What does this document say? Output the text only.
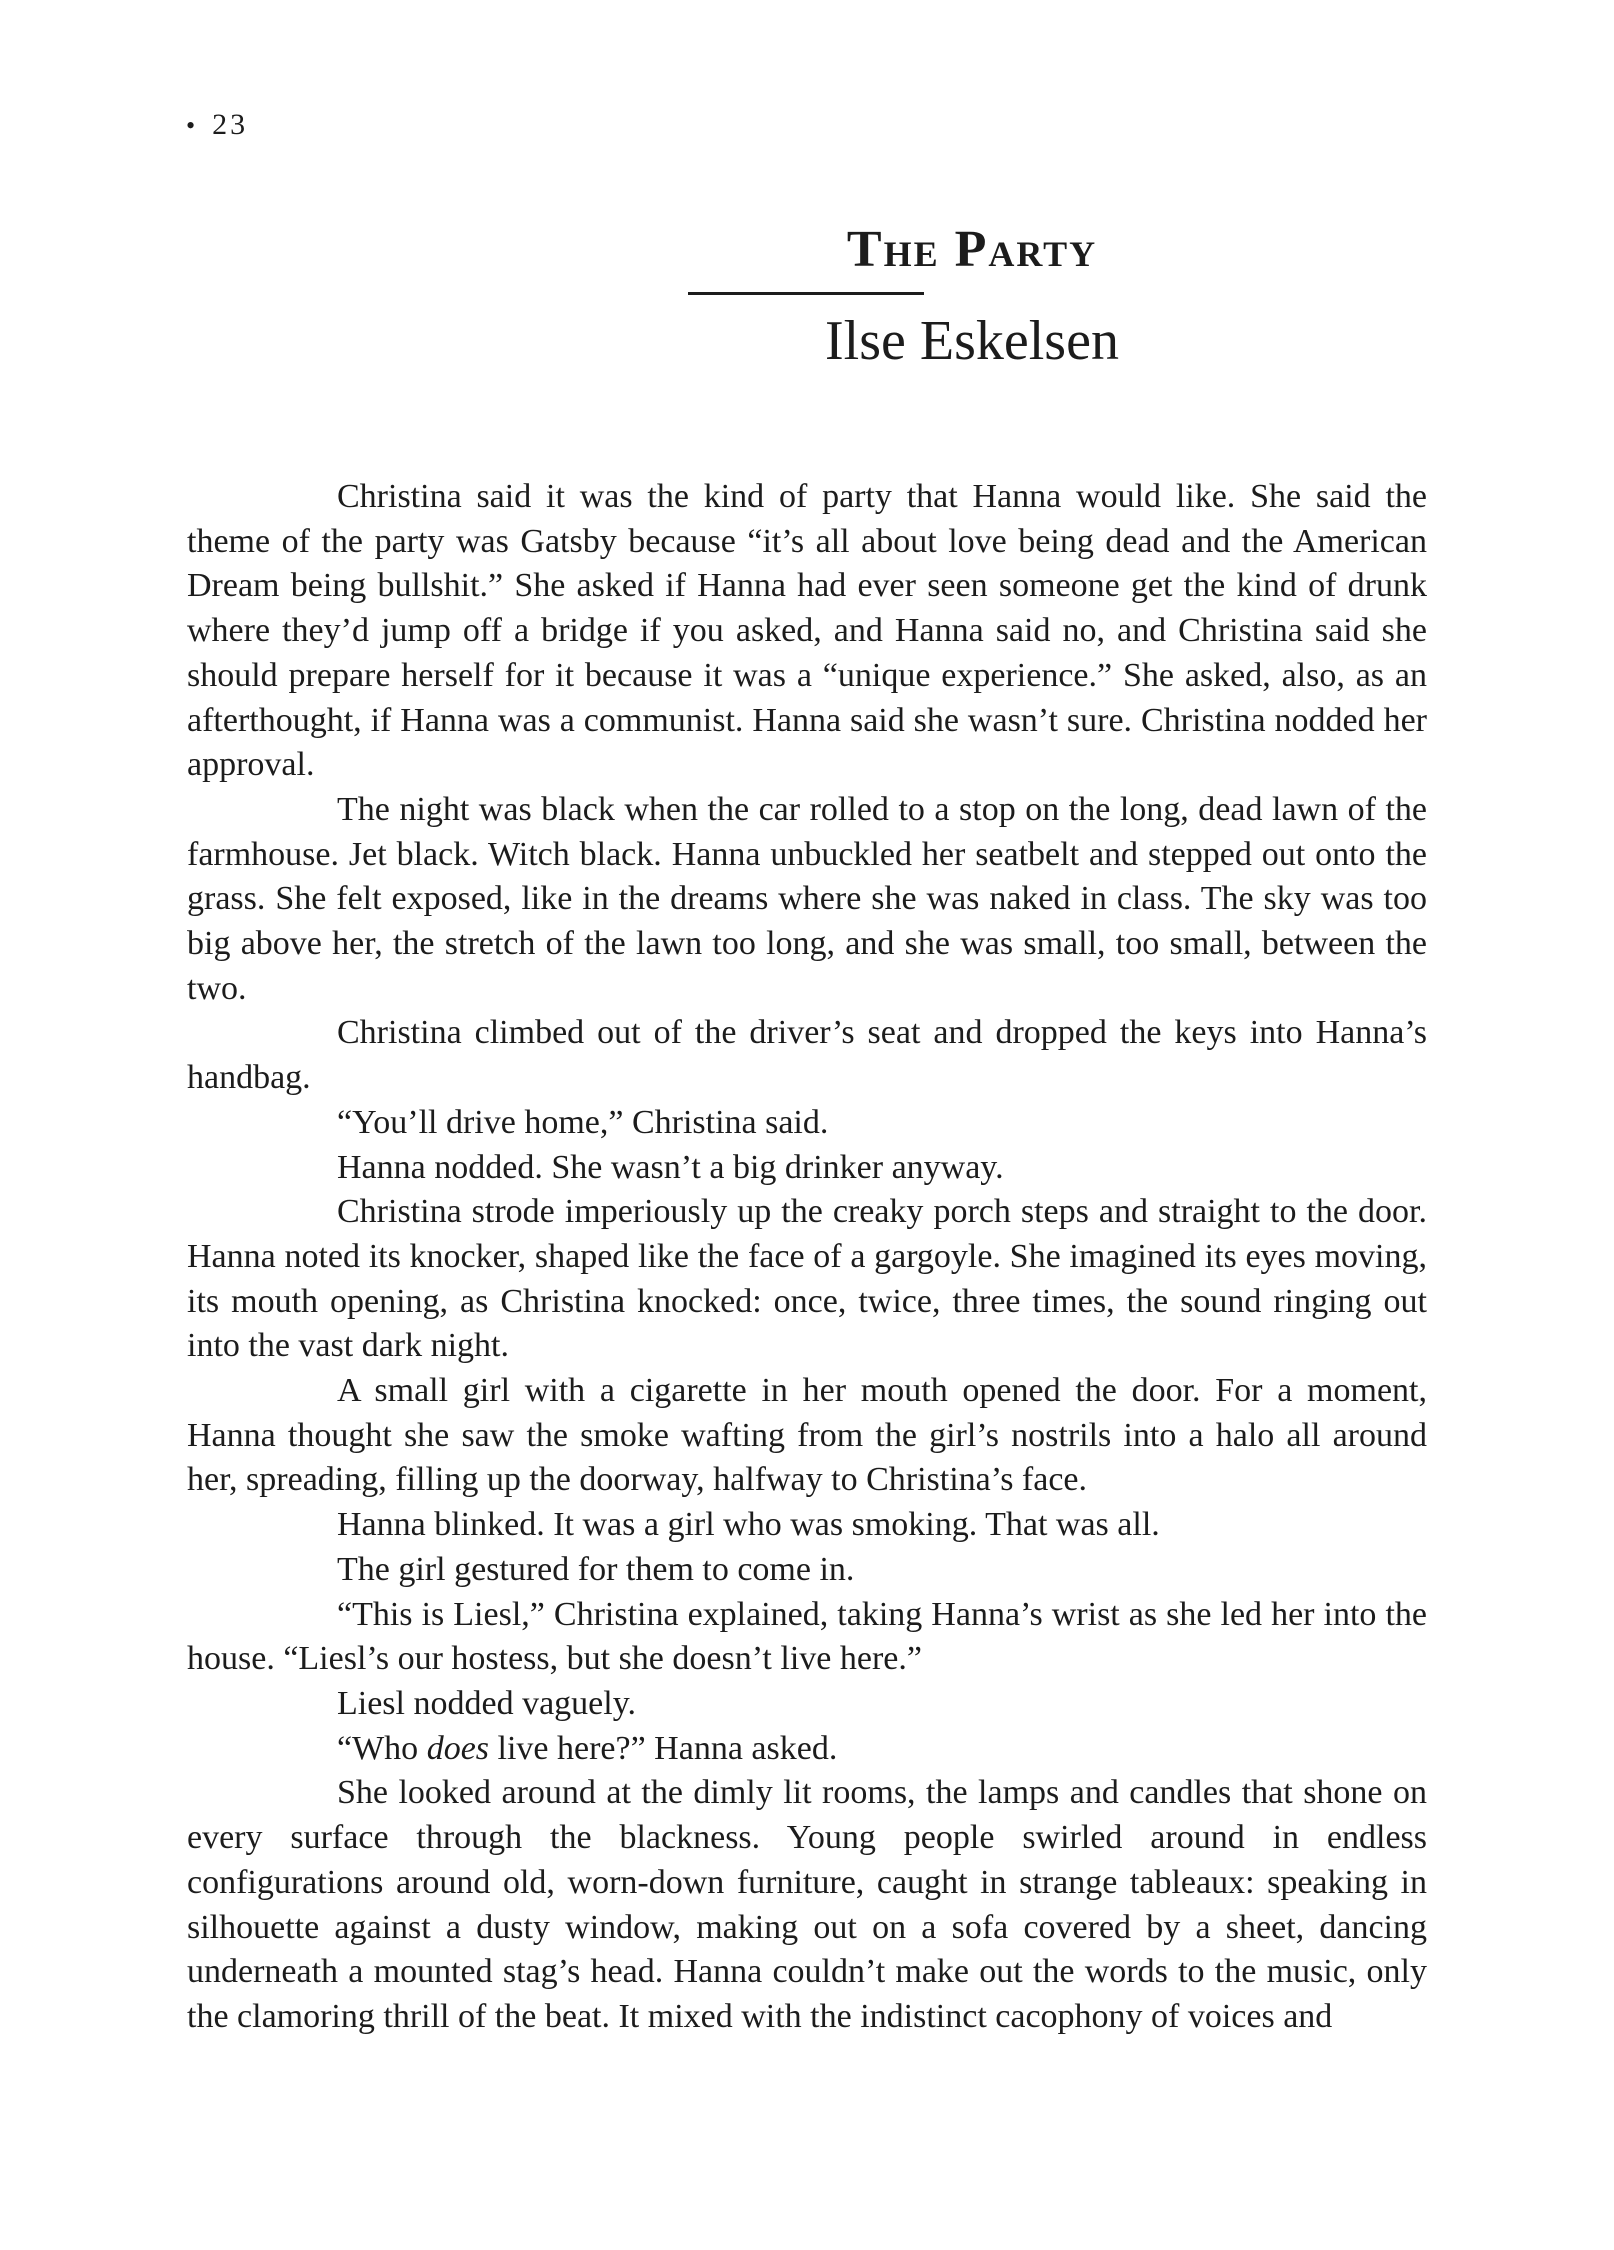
• 23
The Party
Ilse Eskelsen

Christina said it was the kind of party that Hanna would like. She said the theme of the party was Gatsby because “it’s all about love being dead and the American Dream being bullshit.” She asked if Hanna had ever seen someone get the kind of drunk where they’d jump off a bridge if you asked, and Hanna said no, and Christina said she should prepare herself for it because it was a “unique experience.” She asked, also, as an afterthought, if Hanna was a communist. Hanna said she wasn’t sure. Christina nodded her approval.

The night was black when the car rolled to a stop on the long, dead lawn of the farmhouse. Jet black. Witch black. Hanna unbuckled her seatbelt and stepped out onto the grass. She felt exposed, like in the dreams where she was naked in class. The sky was too big above her, the stretch of the lawn too long, and she was small, too small, between the two.

Christina climbed out of the driver’s seat and dropped the keys into Hanna’s handbag.

“You’ll drive home,” Christina said.

Hanna nodded. She wasn’t a big drinker anyway.

Christina strode imperiously up the creaky porch steps and straight to the door. Hanna noted its knocker, shaped like the face of a gargoyle. She imagined its eyes moving, its mouth opening, as Christina knocked: once, twice, three times, the sound ringing out into the vast dark night.

A small girl with a cigarette in her mouth opened the door. For a moment, Hanna thought she saw the smoke wafting from the girl’s nostrils into a halo all around her, spreading, filling up the doorway, halfway to Christina’s face.

Hanna blinked. It was a girl who was smoking. That was all.

The girl gestured for them to come in.

“This is Liesl,” Christina explained, taking Hanna’s wrist as she led her into the house. “Liesl’s our hostess, but she doesn’t live here.”

Liesl nodded vaguely.

“Who does live here?” Hanna asked.

She looked around at the dimly lit rooms, the lamps and candles that shone on every surface through the blackness. Young people swirled around in endless configurations around old, worn-down furniture, caught in strange tableaux: speaking in silhouette against a dusty window, making out on a sofa covered by a sheet, dancing underneath a mounted stag’s head. Hanna couldn’t make out the words to the music, only the clamoring thrill of the beat. It mixed with the indistinct cacophony of voices and
